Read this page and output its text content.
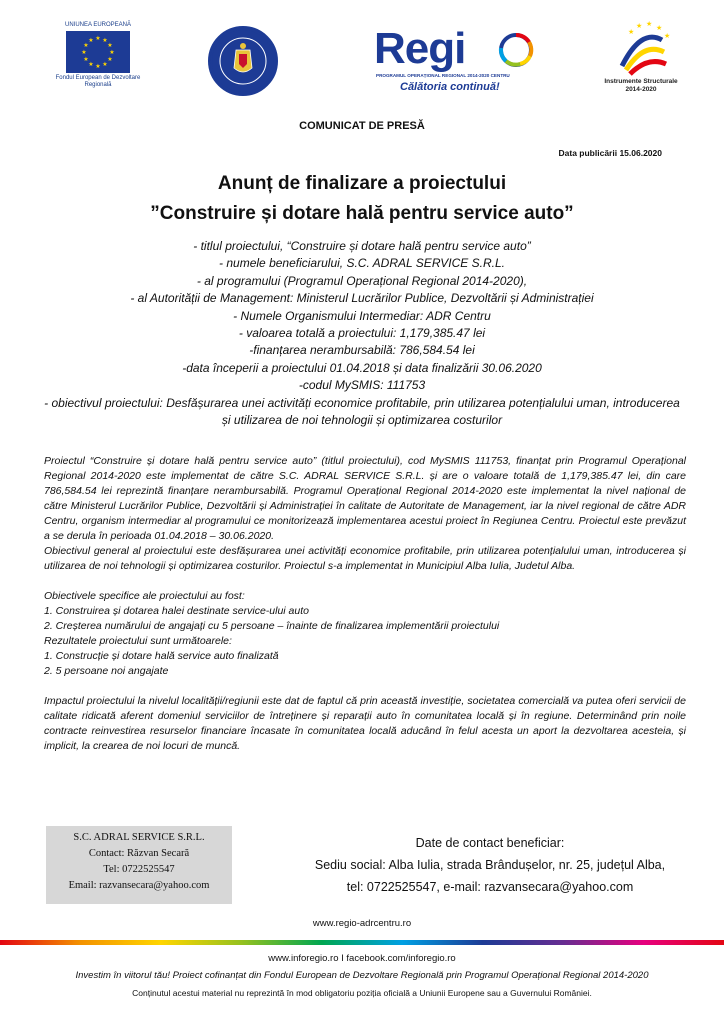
UNIUNEA EUROPEANĂ
★ ★
★
★
★
★
★
★
★
★
★
★
Fondul European de Dezvoltare Regională
Regi
PROGRAMUL OPERAȚIONAL REGIONAL 2014-2020 CENTRU
Călătoria continuă!
★ ★ ★
★	★
Instrumente Structurale 2014-2020
COMUNICAT DE PRESĂ
Data publicării 15.06.2020
Anunț de finalizare a proiectului
”Construire și dotare hală pentru service auto”
- titlul proiectului, “Construire și dotare hală pentru service auto”
- numele beneficiarului, S.C. ADRAL SERVICE S.R.L.
- al programului (Programul Operațional Regional 2014-2020),
- al Autorității de Management: Ministerul Lucrărilor Publice, Dezvoltării și Administrației
- Numele Organismului Intermediar: ADR Centru
- valoarea totală a proiectului: 1,179,385.47 lei
-finanțarea nerambursabilă: 786,584.54 lei
-data începerii a proiectului 01.04.2018 și data finalizării 30.06.2020
-codul MySMIS: 111753
- obiectivul proiectului: Desfășurarea unei activități economice profitabile, prin utilizarea potențialului uman, introducerea și utilizarea de noi tehnologii și optimizarea costurilor

Proiectul “Construire și dotare hală pentru service auto” (titlul proiectului), cod MySMIS 111753, finanțat prin Programul Operațional Regional 2014-2020 este implementat de către S.C. ADRAL SERVICE S.R.L. și are o valoare totală de 1,179,385.47 lei, din care 786,584.54 lei reprezintă finanțare nerambursabilă. Programul Operațional Regional 2014-2020 este implementat la nivel național de către Ministerul Lucrărilor Publice, Dezvoltării și Administrației în calitate de Autoritate de Management, iar la nivel regional de către ADR Centru, organism intermediar al programului ce monitorizează implementarea acestui proiect în Regiunea Centru. Proiectul este prevăzut a se derula în perioada 01.04.2018 – 30.06.2020.

Obiectivul general al proiectului este desfășurarea unei activități economice profitabile, prin utilizarea potențialului uman, introducerea și utilizarea de noi tehnologii și optimizarea costurilor. Proiectul s-a implementat in Municipiul Alba Iulia, Judetul Alba.

Obiectivele specifice ale proiectului au fost:

1. Construirea și dotarea halei destinate service-ului auto

2. Creșterea numărului de angajați cu 5 persoane – înainte de finalizarea implementării proiectului

Rezultatele proiectului sunt următoarele:

1. Construcție și dotare hală service auto finalizată

2. 5 persoane noi angajate

Impactul proiectului la nivelul localității/regiunii este dat de faptul că prin această investiție, societatea comercială va putea oferi servicii de calitate ridicată aferent domeniul serviciilor de întreținere și reparații auto în comunitatea locală și în regiune. Determinând prin noile contracte reinvestirea resurselor financiare încasate în comunitatea locală aducând în felul acesta un aport la dezvoltarea acesteia, și implicit, la crearea de noi locuri de muncă.

S.C. ADRAL SERVICE S.R.L.
Contact: Răzvan Secară
Tel: 0722525547
Email: razvansecara@yahoo.com
Date de contact beneficiar:
Sediu social: Alba Iulia, strada Brândușelor, nr. 25, județul Alba,
tel: 0722525547, e-mail: razvansecara@yahoo.com
www.regio-adrcentru.ro
www.inforegio.ro I facebook.com/inforegio.ro
Investim în viitorul tău! Proiect cofinanțat din Fondul European de Dezvoltare Regională prin Programul Operațional Regional 2014-2020
Conținutul acestui material nu reprezintă în mod obligatoriu poziția oficială a Uniunii Europene sau a Guvernului României.
